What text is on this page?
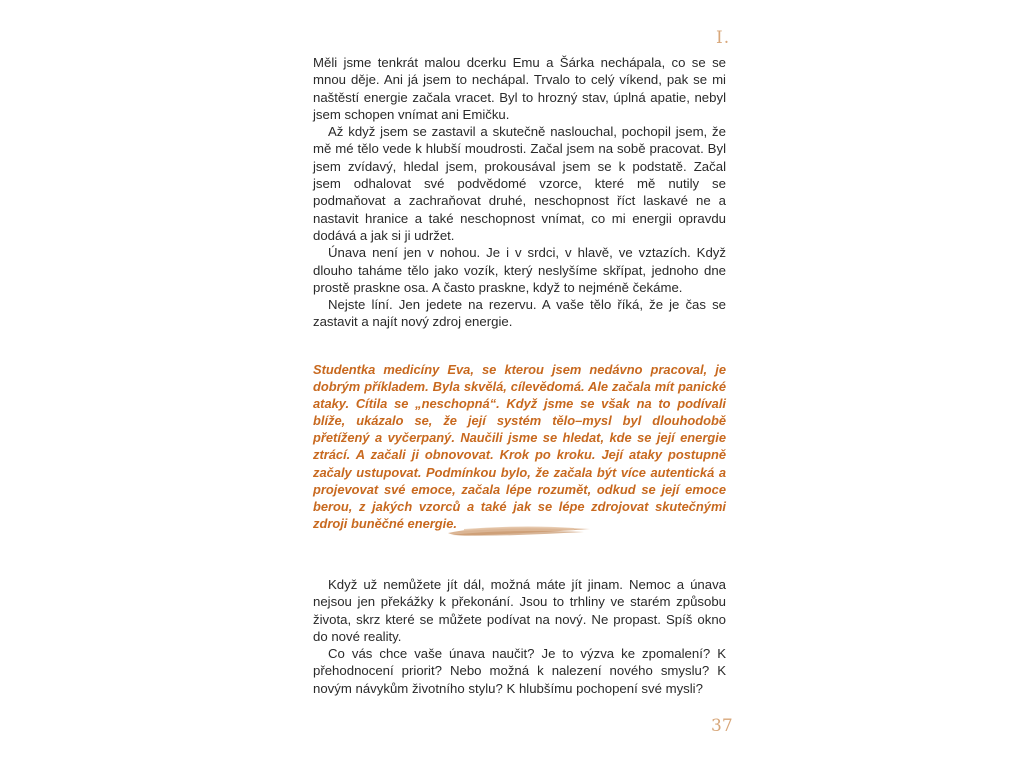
I.

Měli jsme tenkrát malou dcerku Emu a Šárka nechápala, co se se mnou děje. Ani já jsem to nechápal. Trvalo to celý víkend, pak se mi naštěstí energie začala vracet. Byl to hrozný stav, úplná apatie, nebyl jsem schopen vnímat ani Emičku.

Až když jsem se zastavil a skutečně naslouchal, pochopil jsem, že mě mé tělo vede k hlubší moudrosti. Začal jsem na sobě pracovat. Byl jsem zvídavý, hledal jsem, prokousával jsem se k podstatě. Začal jsem odhalovat své podvědomé vzorce, které mě nutily se podmaňovat a zachraňovat druhé, neschopnost říct laskavé ne a nastavit hranice a také neschopnost vnímat, co mi energii opravdu dodává a jak si ji udržet.

Únava není jen v nohou. Je i v srdci, v hlavě, ve vztazích. Když dlouho taháme tělo jako vozík, který neslyšíme skřípat, jednoho dne prostě praskne osa. A často praskne, když to nejméně čekáme.

Nejste líní. Jen jedete na rezervu. A vaše tělo říká, že je čas se zastavit a najít nový zdroj energie.

Studentka medicíny Eva, se kterou jsem nedávno pracoval, je dobrým příkladem. Byla skvělá, cílevědomá. Ale začala mít panické ataky. Cítila se „neschopná“. Když jsme se však na to podívali blíže, ukázalo se, že její systém tělo–mysl byl dlouhodobě přetížený a vyčerpaný. Naučili jsme se hledat, kde se její energie ztrácí. A začali ji obnovovat. Krok po kroku. Její ataky postupně začaly ustupovat. Podmínkou bylo, že začala být více autentická a projevovat své emoce, začala lépe rozumět, odkud se její emoce berou, z jakých vzorců a také jak se lépe zdrojovat skutečnými zdroji buněčné energie.

Když už nemůžete jít dál, možná máte jít jinam. Nemoc a únava nejsou jen překážky k překonání. Jsou to trhliny ve starém způsobu života, skrz které se můžete podívat na nový. Ne propast. Spíš okno do nové reality.

Co vás chce vaše únava naučit? Je to výzva ke zpomalení? K přehodnocení priorit? Nebo možná k nalezení nového smyslu? K novým návykům životního stylu? K hlubšímu pochopení své mysli?

37
